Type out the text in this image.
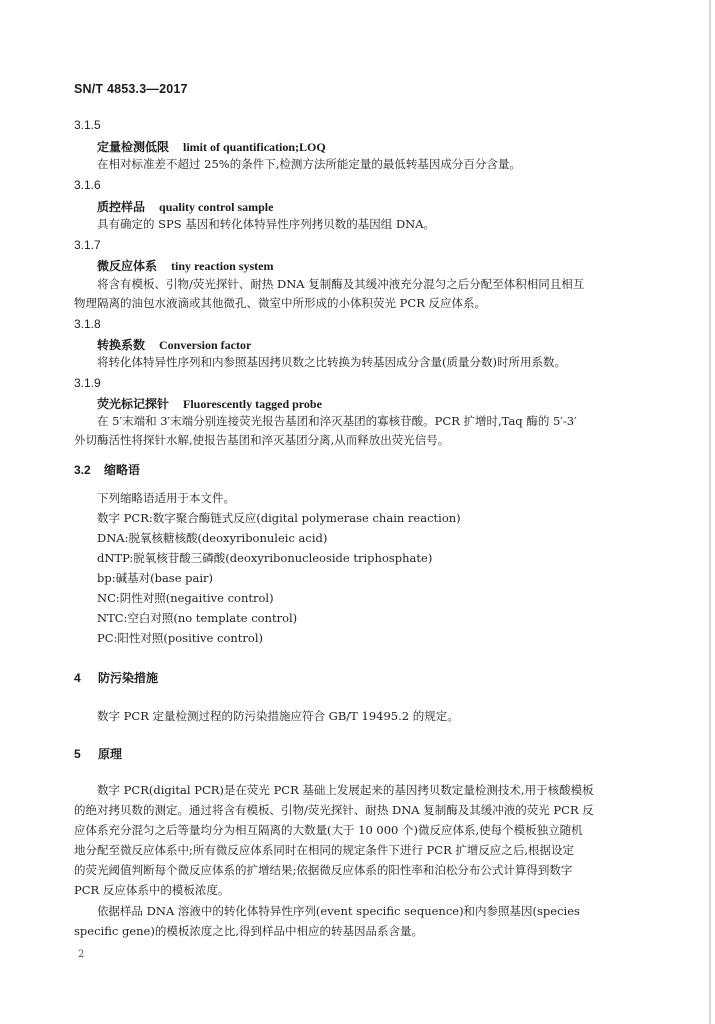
SN/T 4853.3—2017
3.1.5
定量检测低限 limit of quantification;LOQ
在相对标准差不超过 25%的条件下,检测方法所能定量的最低转基因成分百分含量。
3.1.6
质控样品 quality control sample
具有确定的 SPS 基因和转化体特异性序列拷贝数的基因组 DNA。
3.1.7
微反应体系 tiny reaction system
将含有模板、引物/荧光探针、耐热 DNA 复制酶及其缓冲液充分混匀之后分配至体积相同且相互
物理隔离的油包水液滴或其他微孔、微室中所形成的小体积荧光 PCR 反应体系。
3.1.8
转换系数 Conversion factor
将转化体特异性序列和内参照基因拷贝数之比转换为转基因成分含量(质量分数)时所用系数。
3.1.9
荧光标记探针 Fluorescently tagged probe
在 5′末端和 3′末端分别连接荧光报告基团和淬灭基团的寡核苷酸。PCR 扩增时,Taq 酶的 5′-3′
外切酶活性将探针水解,使报告基团和淬灭基团分离,从而释放出荧光信号。
3.2 缩略语
下列缩略语适用于本文件。
数字 PCR:数字聚合酶链式反应(digital polymerase chain reaction)
DNA:脱氧核糖核酸(deoxyribonuleic acid)
dNTP:脱氧核苷酸三磷酸(deoxyribonucleoside triphosphate)
bp:碱基对(base pair)
NC:阴性对照(negaitive control)
NTC:空白对照(no template control)
PC:阳性对照(positive control)
4 防污染措施
数字 PCR 定量检测过程的防污染措施应符合 GB/T 19495.2 的规定。
5 原理
数字 PCR(digital PCR)是在荧光 PCR 基础上发展起来的基因拷贝数定量检测技术,用于核酸模板
的绝对拷贝数的测定。通过将含有模板、引物/荧光探针、耐热 DNA 复制酶及其缓冲液的荧光 PCR 反
应体系充分混匀之后等量均分为相互隔离的大数量(大于 10 000 个)微反应体系,使每个模板独立随机
地分配至微反应体系中;所有微反应体系同时在相同的规定条件下进行 PCR 扩增反应之后,根据设定
的荧光阈值判断每个微反应体系的扩增结果;依据微反应体系的阳性率和泊松分布公式计算得到数字
PCR 反应体系中的模板浓度。
依据样品 DNA 溶液中的转化体特异性序列(event specific sequence)和内参照基因(species
specific gene)的模板浓度之比,得到样品中相应的转基因品系含量。
2
